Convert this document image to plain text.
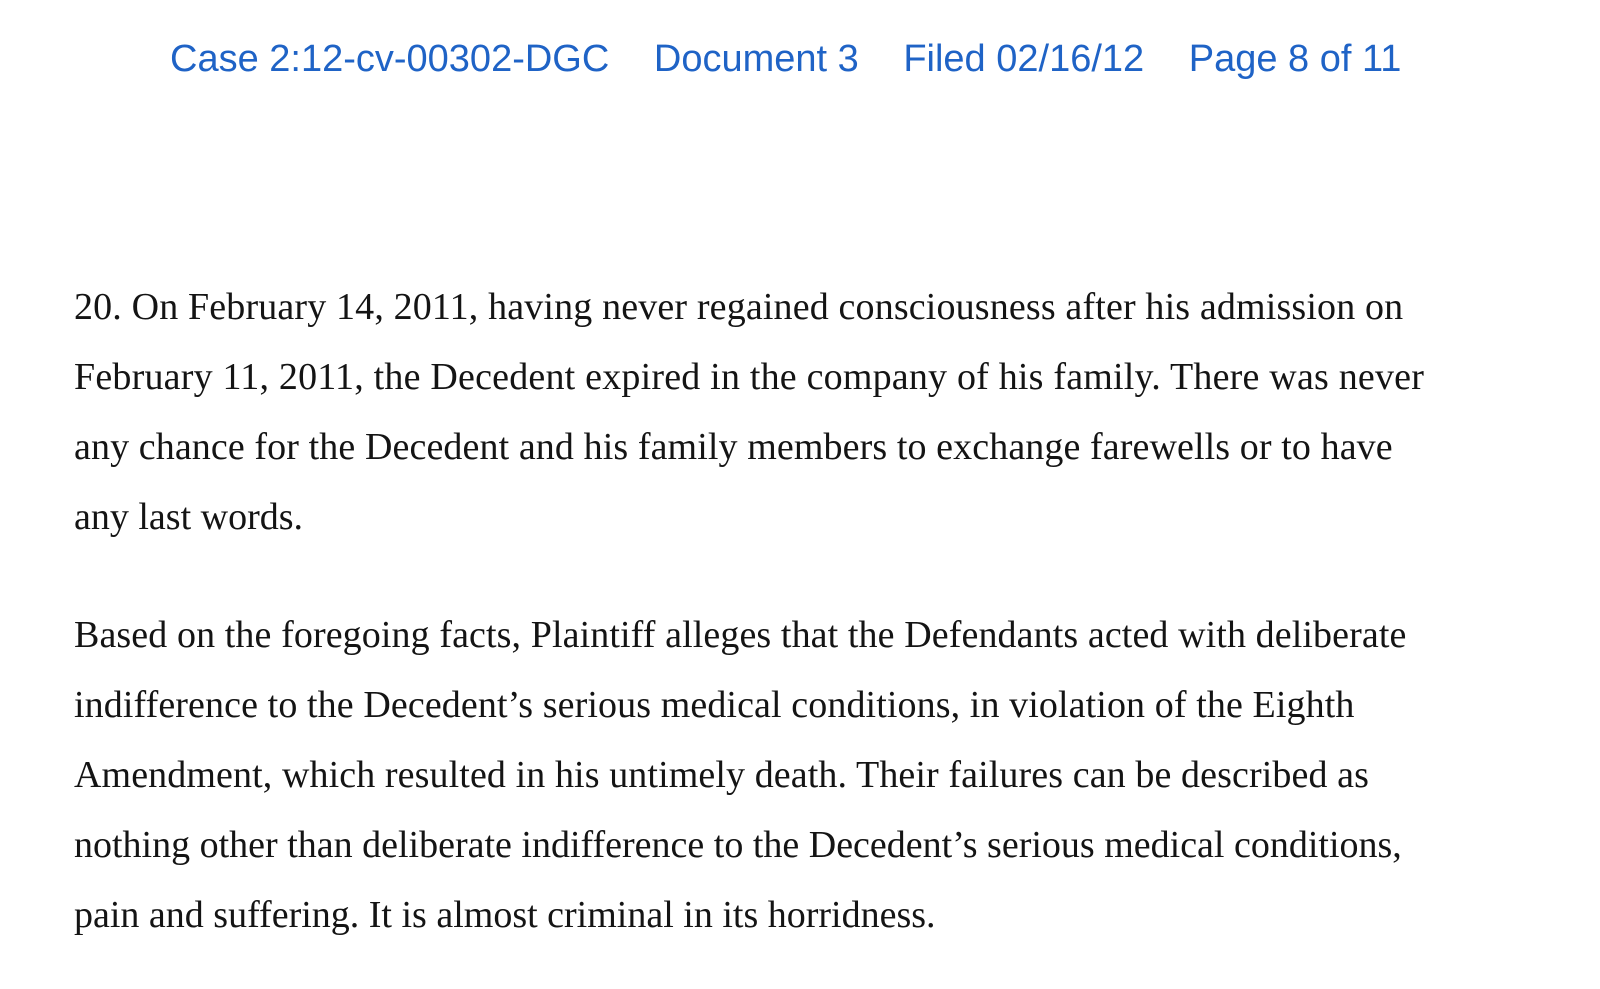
Case 2:12-cv-00302-DGC Document 3 Filed 02/16/12 Page 8 of 11
20. On February 14, 2011, having never regained consciousness after his admission on
February 11, 2011, the Decedent expired in the company of his family. There was never
any chance for the Decedent and his family members to exchange farewells or to have
any last words.
Based on the foregoing facts, Plaintiff alleges that the Defendants acted with deliberate
indifference to the Decedent’s serious medical conditions, in violation of the Eighth
Amendment, which resulted in his untimely death. Their failures can be described as
nothing other than deliberate indifference to the Decedent’s serious medical conditions,
pain and suffering. It is almost criminal in its horridness.
